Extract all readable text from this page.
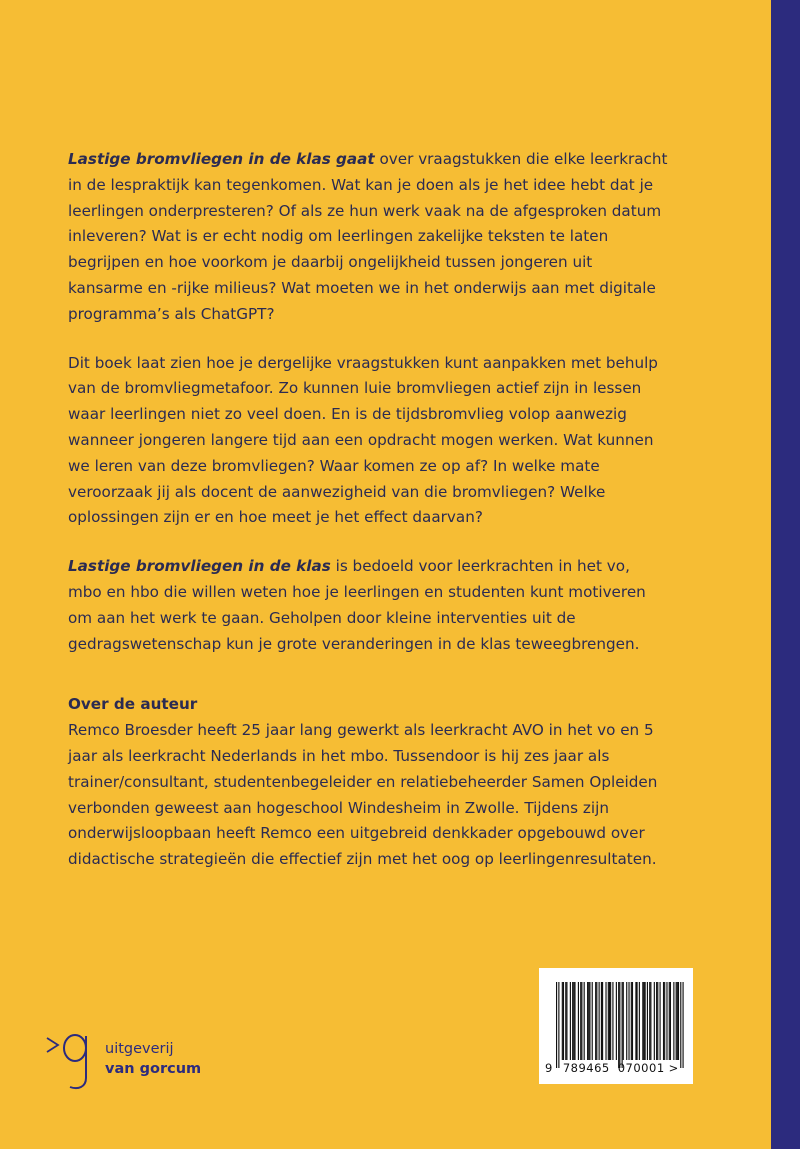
Lastige bromvliegen in de klas gaat over vraagstukken die elke leerkracht in de lespraktijk kan tegenkomen. Wat kan je doen als je het idee hebt dat je leerlingen onderpresteren? Of als ze hun werk vaak na de afgesproken datum inleveren? Wat is er echt nodig om leerlingen zakelijke teksten te laten begrijpen en hoe voorkom je daarbij ongelijkheid tussen jongeren uit kansarme en -rijke milieus? Wat moeten we in het onderwijs aan met digitale programma’s als ChatGPT?

Dit boek laat zien hoe je dergelijke vraagstukken kunt aanpakken met behulp van de bromvliegmetafoor. Zo kunnen luie bromvliegen actief zijn in lessen waar leerlingen niet zo veel doen. En is de tijdsbromvlieg volop aanwezig wanneer jongeren langere tijd aan een opdracht mogen werken. Wat kunnen we leren van deze bromvliegen? Waar komen ze op af? In welke mate veroorzaak jij als docent de aanwezigheid van die bromvliegen? Welke oplossingen zijn er en hoe meet je het effect daarvan?

Lastige bromvliegen in de klas is bedoeld voor leerkrachten in het vo, mbo en hbo die willen weten hoe je leerlingen en studenten kunt motiveren om aan het werk te gaan. Geholpen door kleine interventies uit de gedragswetenschap kun je grote veranderingen in de klas teweegbrengen.

Over de auteur

Remco Broesder heeft 25 jaar lang gewerkt als leerkracht AVO in het vo en 5 jaar als leerkracht Nederlands in het mbo. Tussendoor is hij zes jaar als trainer/consultant, studentenbegeleider en relatiebeheerder Samen Opleiden verbonden geweest aan hogeschool Windesheim in Zwolle. Tijdens zijn onderwijsloopbaan heeft Remco een uitgebreid denkkader opgebouwd over didactische strategieën die effectief zijn met het oog op leerlingenresultaten.

uitgeverij
van gorcum	9 789465 070001 >
